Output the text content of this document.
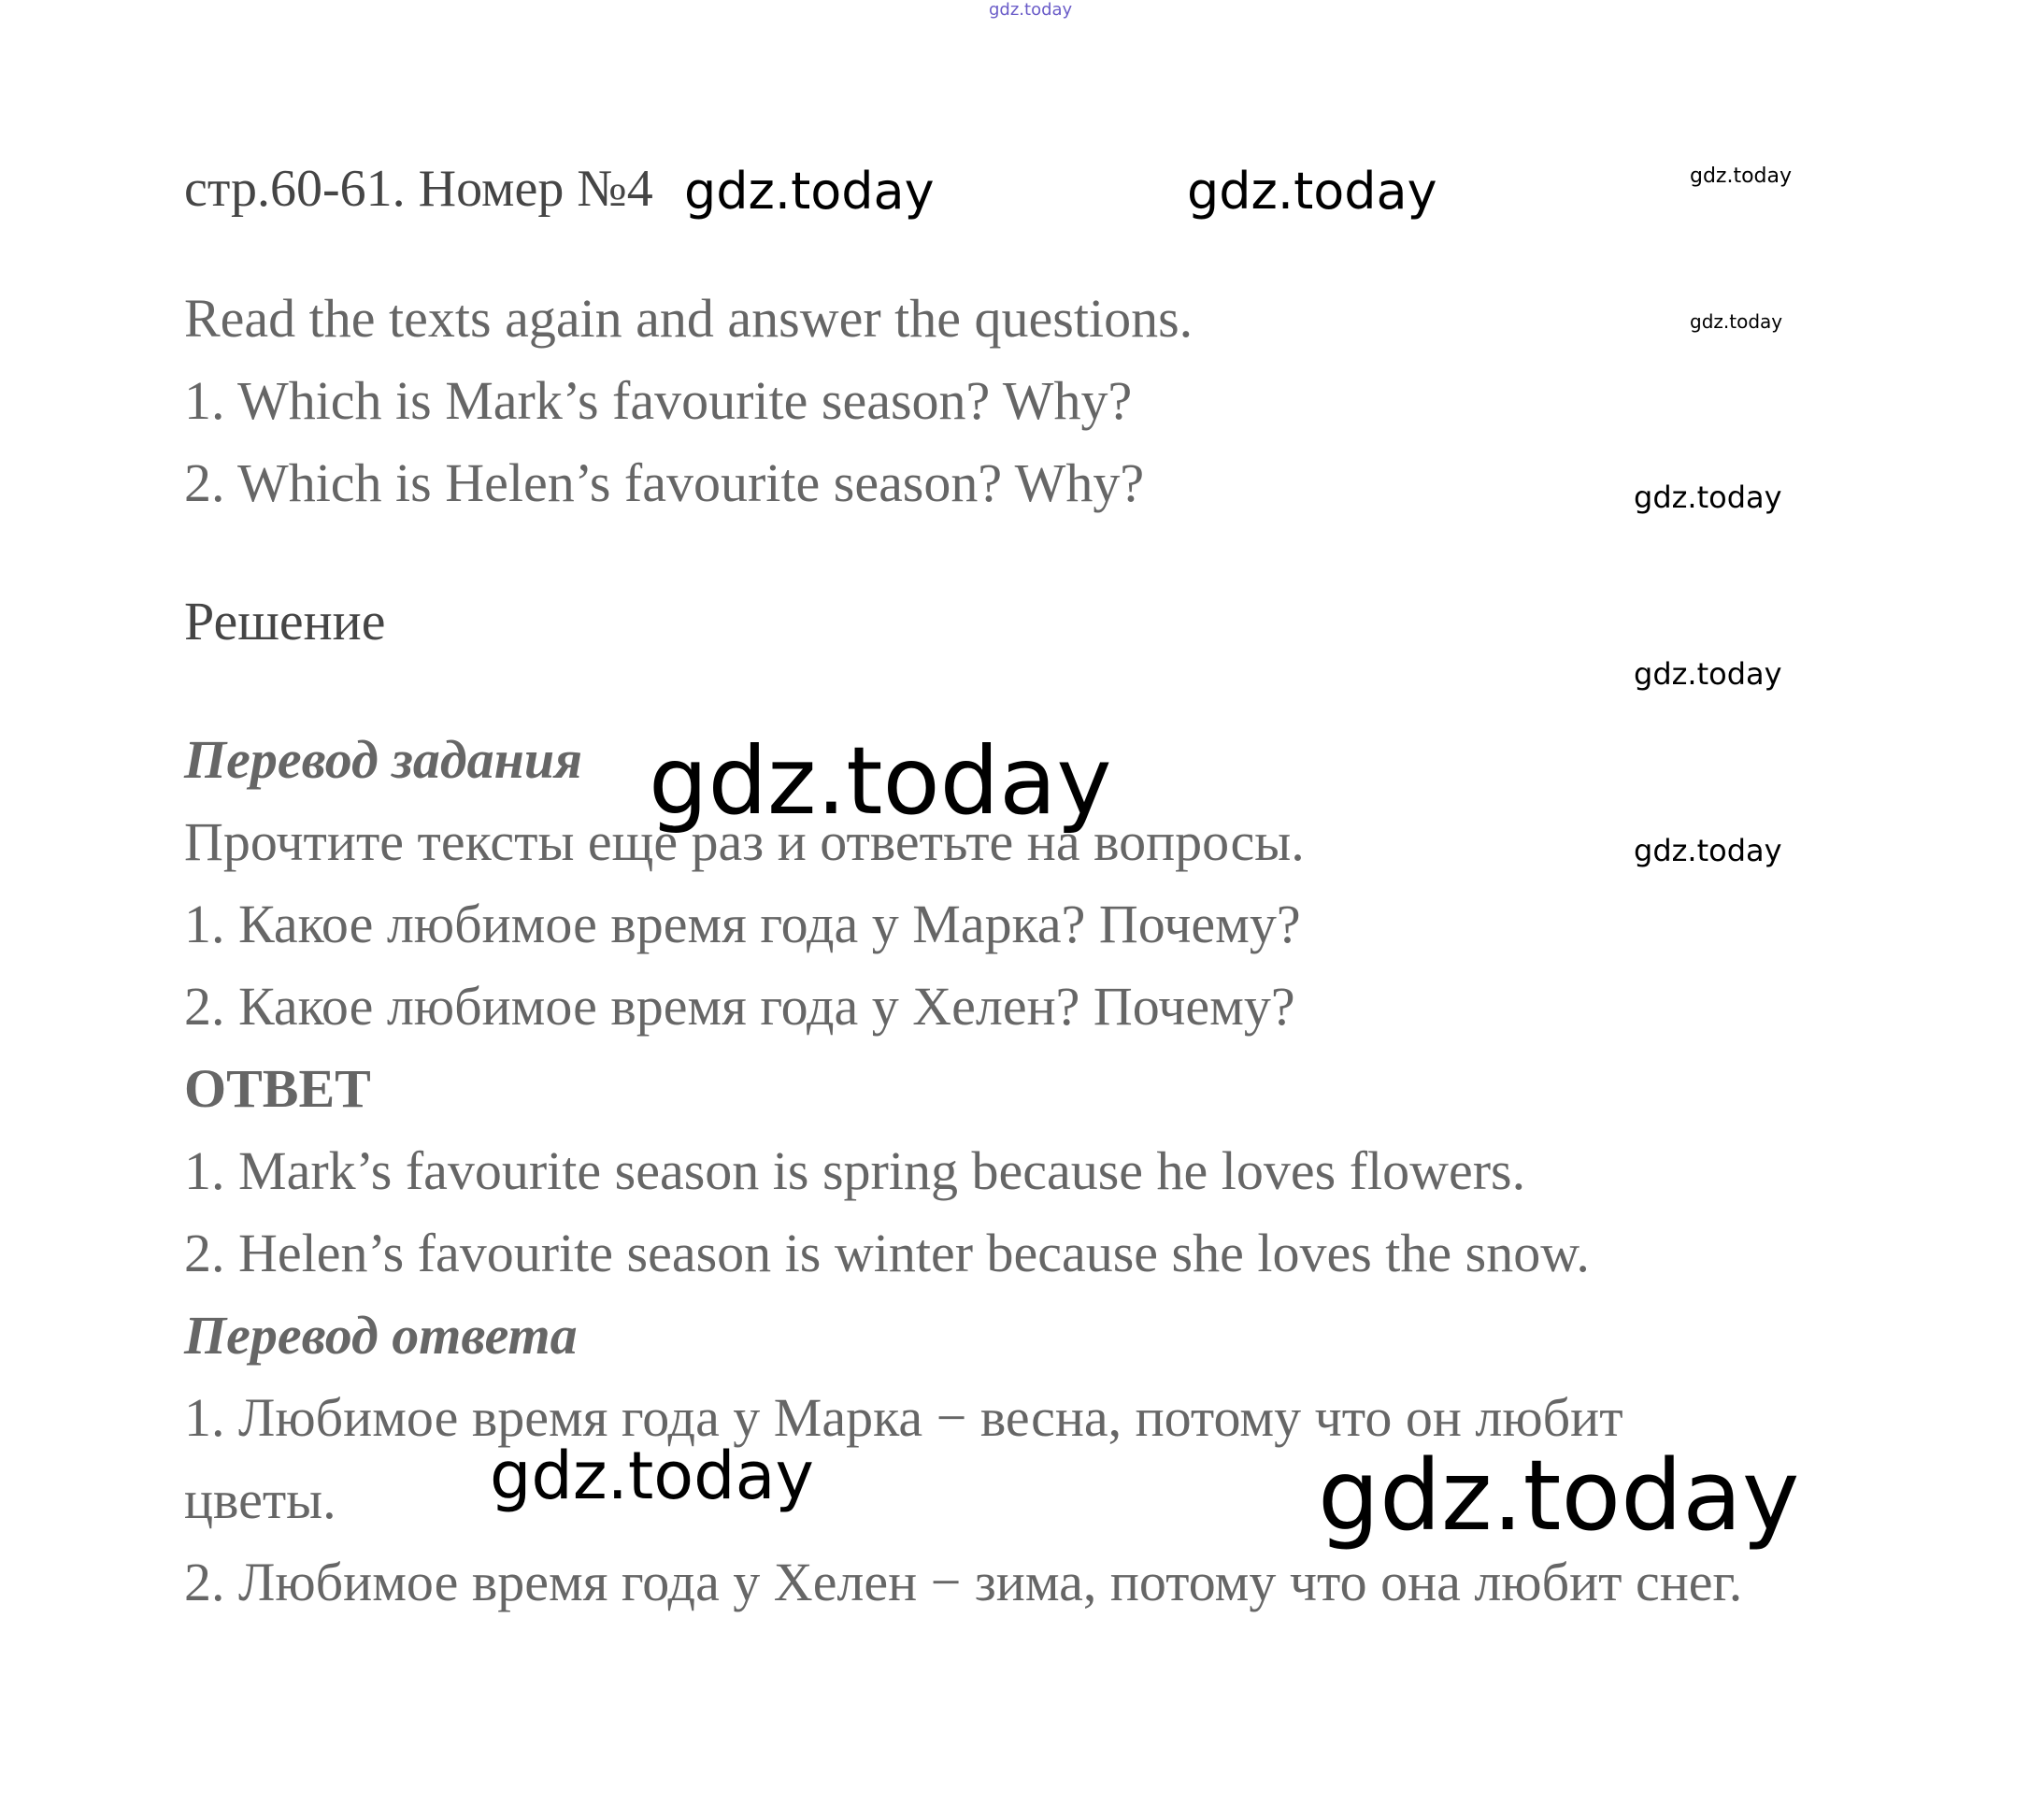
стр.60-61. Номер №4

Read the texts again and answer the questions.

1. Which is Mark’s favourite season? Why?

2. Which is Helen’s favourite season? Why?

Решение

Перевод задания

Прочтите тексты ещё раз и ответьте на вопросы.

1. Какое любимое время года у Марка? Почему?

2. Какое любимое время года у Хелен? Почему?

ОТВЕТ

1. Mark’s favourite season is spring because he loves flowers.

2. Helen’s favourite season is winter because she loves the snow.

Перевод ответа

1. Любимое время года у Марка − весна, потому что он любит

цветы.

2. Любимое время года у Хелен − зима, потому что она любит снег.

gdz.today

gdz.today	gdz.today	gdz.today

gdz.today

gdz.today

gdz.today

gdz.today

gdz.today

gdz.today	gdz.today
